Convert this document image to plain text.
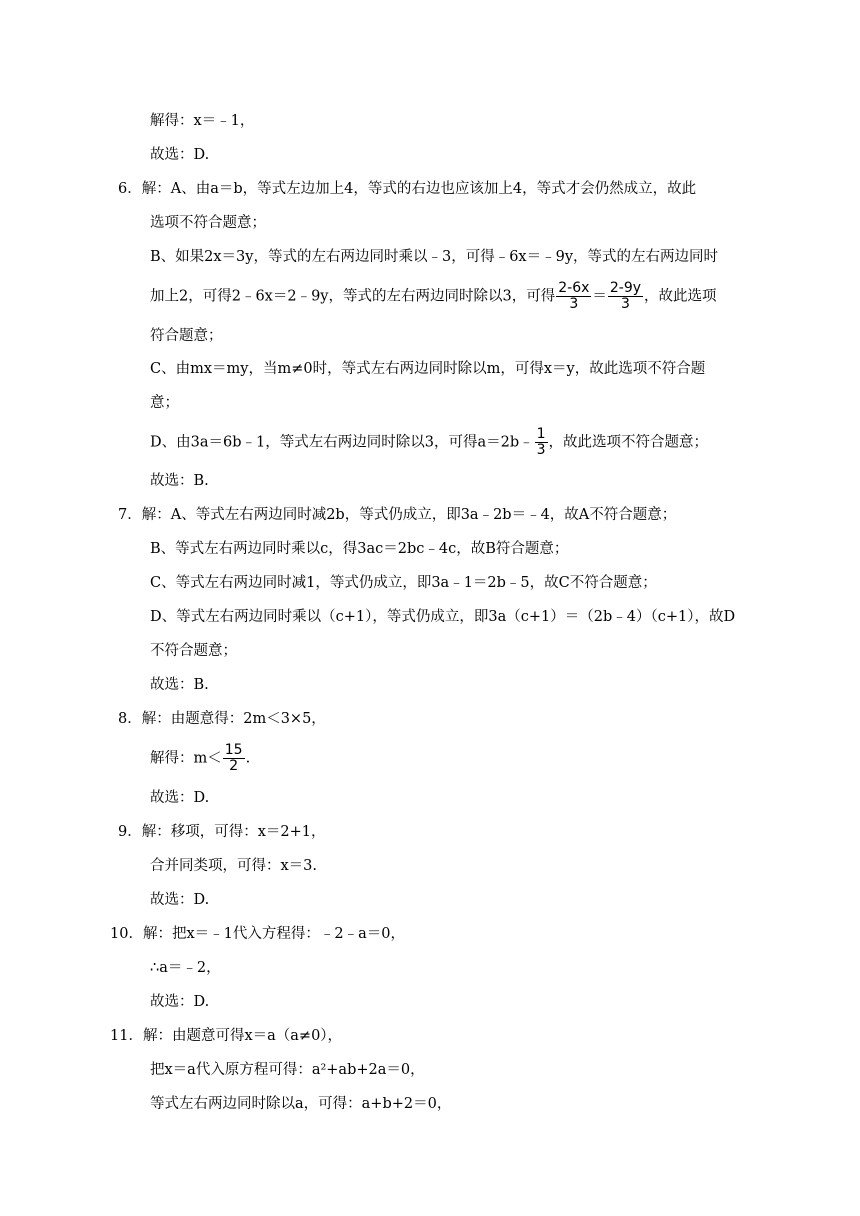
解得：x＝﹣1，
故选：D.
6．解：A、由a＝b，等式左边加上4，等式的右边也应该加上4，等式才会仍然成立，故此
选项不符合题意；
B、如果2x＝3y，等式的左右两边同时乘以﹣3，可得﹣6x＝﹣9y，等式的左右两边同时
加上2，可得2﹣6x＝2﹣9y，等式的左右两边同时除以3，可得 $\frac{2-6x}{3} = \frac{2-9y}{3}$ ，故此选项
符合题意；
C、由mx＝my，当m≠0时，等式左右两边同时除以m，可得x＝y，故此选项不符合题
意；
D、由3a＝6b﹣1，等式左右两边同时除以3，可得a＝2b﹣ $\frac{1}{3}$ ，故此选项不符合题意；
故选：B.
7．解：A、等式左右两边同时减2b，等式仍成立，即3a﹣2b＝﹣4，故A不符合题意；
B、等式左右两边同时乘以c，得3ac＝2bc﹣4c，故B符合题意；
C、等式左右两边同时减1，等式仍成立，即3a﹣1＝2b﹣5，故C不符合题意；
D、等式左右两边同时乘以（c+1），等式仍成立，即3a（c+1）＝（2b﹣4）（c+1），故D
不符合题意；
故选：B.
8．解：由题意得：2m＜3×5，
解得：$m< \frac{15}{2}$ .
故选：D.
9．解：移项，可得：x＝2+1，
合并同类项，可得：x＝3.
故选：D.
10．解：把x＝﹣1代入方程得：﹣2﹣a＝0，
∴a＝﹣2，
故选：D.
11．解：由题意可得x＝a（a≠0），
把x＝a代入原方程可得：a²+ab+2a＝0，
等式左右两边同时除以a，可得：a+b+2＝0，
